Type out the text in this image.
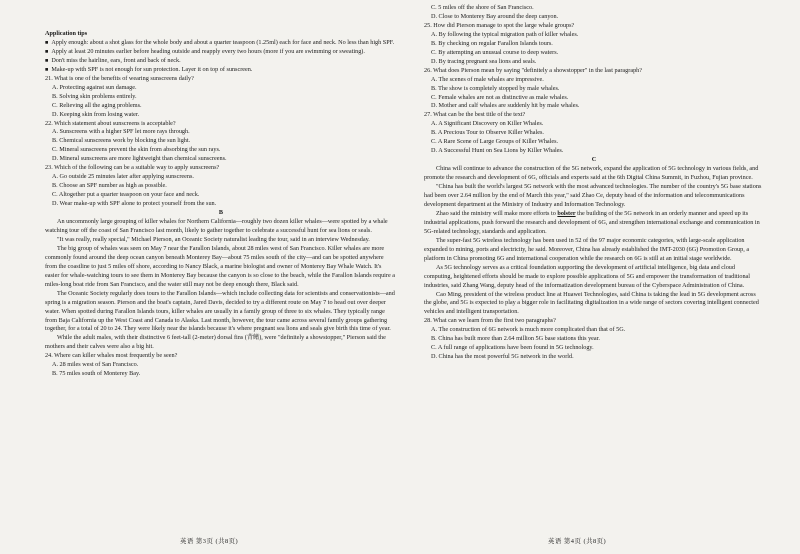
Application tips

■ Apply enough: about a shot glass for the whole body and about a quarter teaspoon (1.25ml) each for face and neck. No less than high SPF.

■ Apply at least 20 minutes earlier before heading outside and reapply every two hours (more if you are swimming or sweating).

■ Don't miss the hairline, ears, front and back of neck.

■ Make-up with SPF is not enough for sun protection. Layer it on top of sunscreen.

21. What is one of the benefits of wearing sunscreens daily?

A. Protecting against sun damage.

B. Solving skin problems entirely.

C. Relieving all the aging problems.

D. Keeping skin from losing water.

22. Which statement about sunscreens is acceptable?

A. Sunscreens with a higher SPF let more rays through.

B. Chemical sunscreens work by blocking the sun light.

C. Mineral sunscreens prevent the skin from absorbing the sun rays.

D. Mineral sunscreens are more lightweight than chemical sunscreens.

23. Which of the following can be a suitable way to apply sunscreens?

A. Go outside 25 minutes later after applying sunscreens.

B. Choose an SPF number as high as possible.

C. Altogether put a quarter teaspoon on your face and neck.

D. Wear make-up with SPF alone to protect yourself from the sun.

B

An uncommonly large grouping of killer whales for Northern California—roughly two dozen killer whales—were spotted by a whale watching tour off the coast of San Francisco last month, likely to gather together to celebrate a successful hunt for sea lions or seals.

"It was really, really special," Michael Pierson, an Oceanic Society naturalist leading the tour, said in an interview Wednesday.

The big group of whales was seen on May 7 near the Farallon Islands, about 28 miles west of San Francisco. Killer whales are more commonly found around the deep ocean canyon beneath Monterey Bay—about 75 miles south of the city—and can be spotted anywhere from the coastline to just 5 miles off shore, according to Nancy Black, a marine biologist and owner of Monterey Bay Whale Watch. It's easier for whale-watching tours to see them in Monterey Bay because the canyon is so close to the beach, while the Farallon Islands require a miles-long boat ride from San Francisco, and the water still may not be deep enough there, Black said.

The Oceanic Society regularly does tours to the Farallon Islands—which include collecting data for scientists and conservationists—and spring is a migration season. Pierson and the boat's captain, Jared Davis, decided to try a different route on May 7 to head out over deeper water. When spotted during Farallon Islands tours, killer whales are usually in a family group of three to six whales. They typically range from Baja California up the West Coast and Canada to Alaska. Last month, however, the tour came across several family groups gathering together, for a total of 20 to 24. They were likely near the islands because it's where pregnant sea lions and seals give birth this time of year.

While the adult males, with their distinctive 6 feet-tall (2-meter) dorsal fins (背鳍), were "definitely a showstopper," Pierson said the mothers and their calves were also a big hit.

24. Where can killer whales most frequently be seen?

A. 28 miles west of San Francisco.

B. 75 miles south of Monterey Bay.

C. 5 miles off the shore of San Francisco.

D. Close to Monterey Bay around the deep canyon.

25. How did Pierson manage to spot the large whale groups?

A. By following the typical migration path of killer whales.

B. By checking on regular Farallon Islands tours.

C. By attempting an unusual course to deep waters.

D. By tracing pregnant sea lions and seals.

26. What does Pierson mean by saying "definitely a showstopper" in the last paragraph?

A. The scenes of male whales are impressive.

B. The show is completely stopped by male whales.

C. Female whales are not as distinctive as male whales.

D. Mother and calf whales are suddenly hit by male whales.

27. What can be the best title of the text?

A. A Significant Discovery on Killer Whales.

B. A Precious Tour to Observe Killer Whales.

C. A Rare Scene of Large Groups of Killer Whales.

D. A Successful Hunt on Sea Lions by Killer Whales.

C

China will continue to advance the construction of the 5G network, expand the application of 5G technology in various fields, and promote the research and development of 6G, officials and experts said at the 6th Digital China Summit, in Fuzhou, Fujian province.

"China has built the world's largest 5G network with the most advanced technologies. The number of the country's 5G base stations had been over 2.64 million by the end of March this year," said Zhao Ce, deputy head of the information and telecommunications development department at the Ministry of Industry and Information Technology.

Zhao said the ministry will make more efforts to bolster the building of the 5G network in an orderly manner and speed up its industrial applications, push forward the research and development of 6G, and strengthen international exchange and communication in 5G-related technology, standards and application.

The super-fast 5G wireless technology has been used in 52 of the 97 major economic categories, with large-scale application expanded to mining, ports and electricity, he said. Moreover, China has already established the IMT-2030 (6G) Promotion Group, a platform in China promoting 6G and international cooperation while the research on 6G is still at an initial stage worldwide.

As 5G technology serves as a critical foundation supporting the development of artificial intelligence, big data and cloud computing, heightened efforts should be made to explore possible applications of 5G and empower the transformation of traditional industries, said Zhang Wang, deputy head of the informatization development bureau of the Cyberspace Administration of China.

Cao Ming, president of the wireless product line at Huawei Technologies, said China is taking the lead in 5G development across the globe, and 5G is expected to play a bigger role in facilitating digitalization in a wide range of sectors covering intelligent connected vehicles and intelligent transportation.

28. What can we learn from the first two paragraphs?

A. The construction of 6G network is much more complicated than that of 5G.

B. China has built more than 2.64 million 5G base stations this year.

C. A full range of applications have been found in 5G technology.

D. China has the most powerful 5G network in the world.

英语 第3页 (共8页)	英语 第4页 (共8页)
